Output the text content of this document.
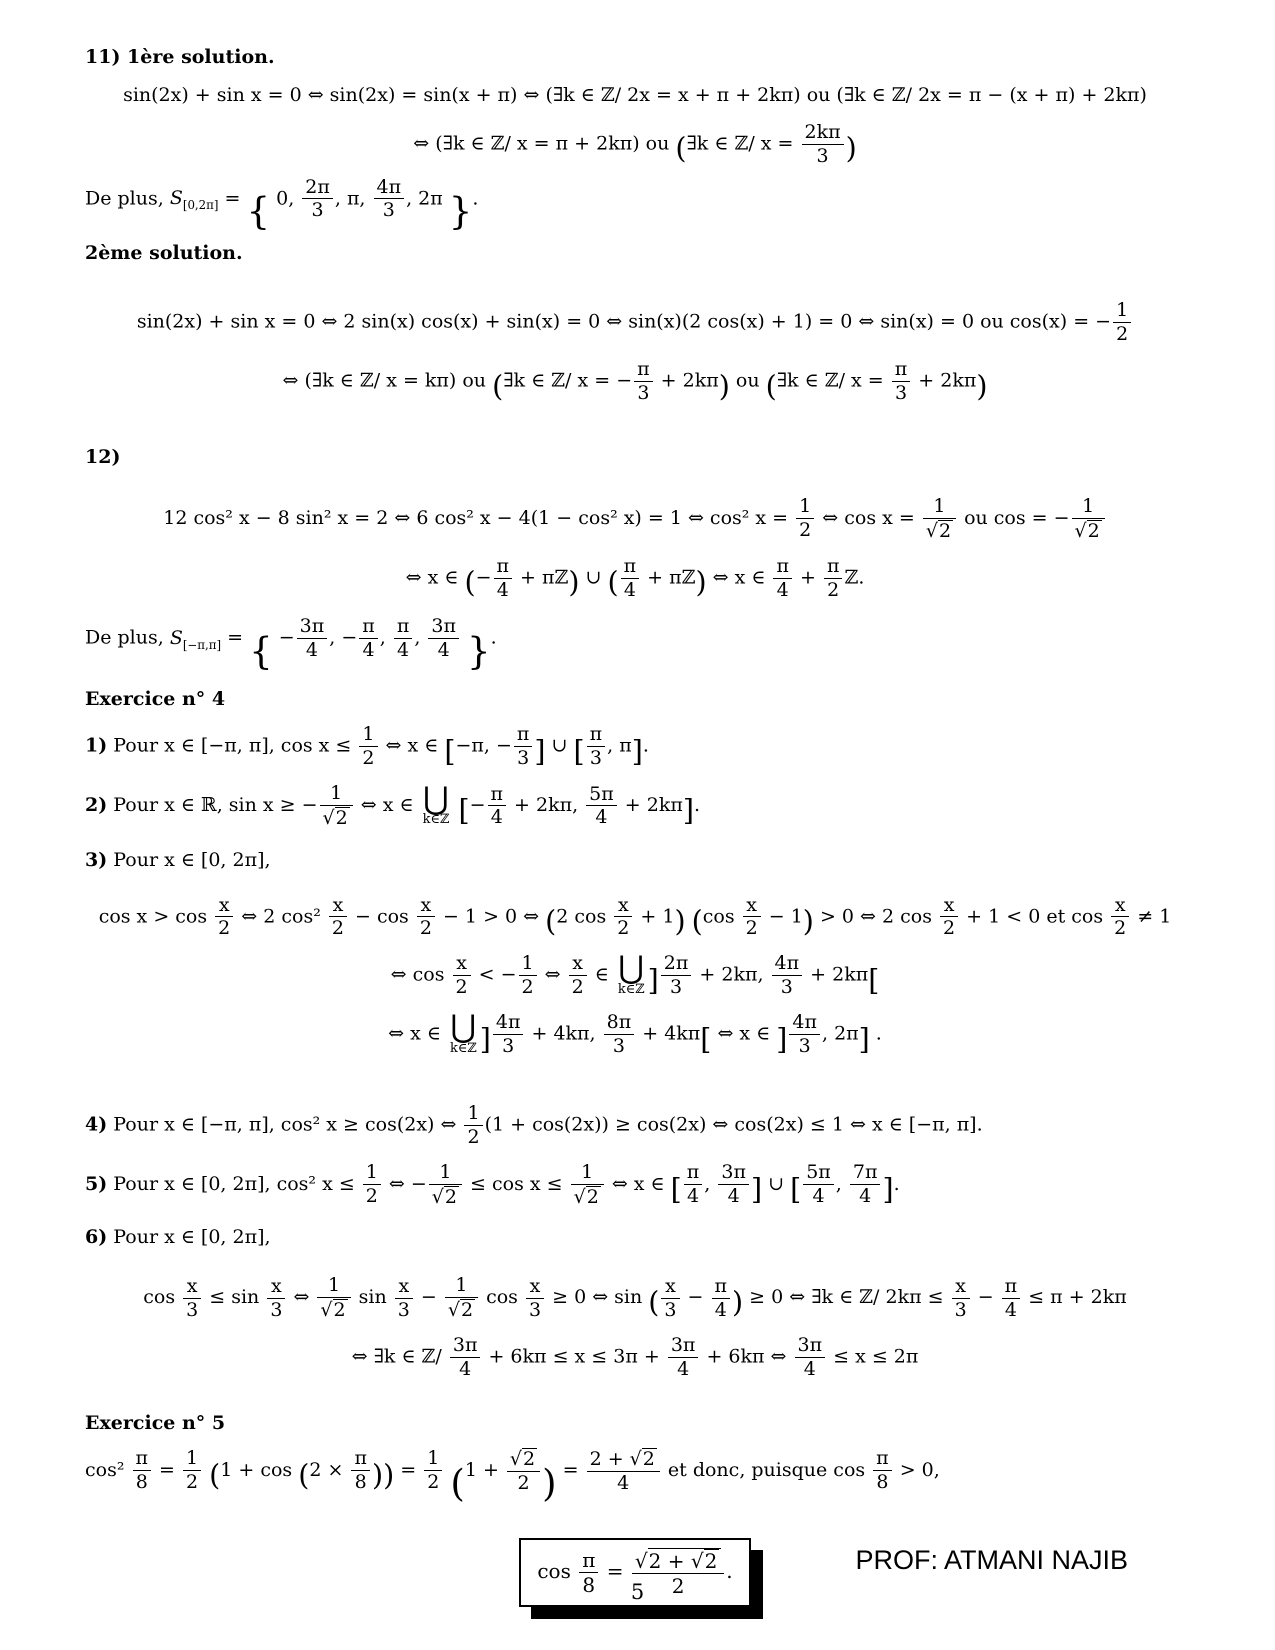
11) 1ère solution.
sin(2x) + sin x = 0 ⇔ sin(2x) = sin(x + π) ⇔ (∃k ∈ ℤ/ 2x = x + π + 2kπ) ou (∃k ∈ ℤ/ 2x = π − (x + π) + 2kπ)
⇔ (∃k ∈ ℤ/ x = π + 2kπ) ou (∃k ∈ ℤ/ $x = \frac{2k\pi}{3}$ )
De plus, $S_{[0,2\pi]}$ = { 0, $\frac{2\pi}{3}$ , π, $\frac{4\pi}{3}$ , 2π }.
2ème solution.
sin(2x) + sin x = 0 ⇔ 2 sin(x) cos(x) + sin(x) = 0 ⇔ sin(x)(2 cos(x) + 1) = 0 ⇔ sin(x) = 0 ou cos(x) = − $\frac{1}{2}$
⇔ (∃k ∈ ℤ/ x = kπ) ou (∃k ∈ ℤ/ x = − $\frac{\pi}{3} + 2k\pi$) ou (∃k ∈ ℤ/ $x = \frac{\pi}{3} + 2k\pi$)
12)
12 cos² x − 8 sin² x = 2 ⇔ 6 cos² x − 4(1 − cos² x) = 1 ⇔ cos² $x = \frac{1}{2}$ ⇔ $\cos x = \frac{1}{√2}$ ou cos = − $\frac{1}{√2}$
⇔ x ∈ (− $\frac{\pi}{4}$ + πℤ) ∪ ( $\frac{\pi}{4}$ + πℤ) ⇔ x ∈ $\frac{\pi}{4} + \frac{\pi}{2}$ ℤ.
De plus, $S_{[-\pi,\pi]}$ = { − $\frac{3\pi}{4}$ , − $\frac{\pi}{4}$ , $\frac{\pi}{4}$ , $\frac{3\pi}{4}$ }.
Exercice n° 4
1) Pour x ∈ [−π, π], $\cos x \le \frac{1}{2}$ ⇔ x ∈ [−π, − $\frac{\pi}{3}$ ] ∪ [ $\frac{\pi}{3}$ , π].
2) Pour x ∈ ℝ, sin x ≥ − $\frac{1}{√2}$ ⇔ x ∈ ⋃
k∈ℤ [− $\frac{\pi}{4} + 2k\pi$, $\frac{5\pi}{4} + 2k\pi$].
3) Pour x ∈ [0, 2π],
$\cos x > \cos \frac{x}{2}$ ⇔ 2 $\cos^2 \frac{x}{2} - \cos \frac{x}{2} - 1 > 0$ ⇔ (2 $\cos \frac{x}{2} + 1$) $(\cos \frac{x}{2} - 1) > 0$ ⇔ 2 $\cos \frac{x}{2} + 1 < 0$ et $\cos \frac{x}{2} \ne 1$
⇔ $\cos \frac{x}{2}$ < − $\frac{1}{2}$ ⇔ $\frac{x}{2}$ ∈ ⋃
k∈ℤ ] $\frac{2\pi}{3} + 2k\pi$, $\frac{4\pi}{3} + 2k\pi$[
⇔ x ∈ ⋃
k∈ℤ ] $\frac{4\pi}{3} + 4k\pi$, $\frac{8\pi}{3} + 4k\pi$[ ⇔ x ∈ ] $\frac{4\pi}{3}$ , 2π] .
4) Pour x ∈ [−π, π], cos² x ≥ cos(2x) ⇔ $\frac{1}{2} (1 + \cos(2x)) \ge \cos(2x)$ ⇔ cos(2x) ≤ 1 ⇔ x ∈ [−π, π].
5) Pour x ∈ [0, 2π], cos² $x \le \frac{1}{2}$ ⇔ − $\frac{1}{√2} \le \cos x \le \frac{1}{√2}$ ⇔ x ∈ [ $\frac{\pi}{4}$ , $\frac{3\pi}{4}$ ] ∪ [ $\frac{5\pi}{4}$ , $\frac{7\pi}{4}$ ].
6) Pour x ∈ [0, 2π],
$\cos \frac{x}{3} \le \sin \frac{x}{3}$ ⇔ $\frac{1}{√2}$ $\sin \frac{x}{3} - \frac{1}{√2}$ $\cos \frac{x}{3} \ge 0$ ⇔ sin ( $\frac{x}{3} - \frac{\pi}{4}$ ) ≥ 0 ⇔ ∃k ∈ ℤ/ $2k\pi \le \frac{x}{3} - \frac{\pi}{4} \le \pi + 2k\pi$
⇔ ∃k ∈ ℤ/ $\frac{3\pi}{4} + 6k\pi \le x \le 3\pi + \frac{3\pi}{4} + 6k\pi$ ⇔ $\frac{3\pi}{4} \le x \le 2\pi$
Exercice n° 5
$\cos^2 \frac{\pi}{8} = \frac{1}{2} (1 + \cos (2 \times \frac{\pi}{8}$ )) = $\frac{1}{2} (1 + \frac{√2}{2}$ ) = $\frac{2 + √2}{4}$ et donc, puisque $\cos \frac{\pi}{8} > 0$,
$\cos \frac{\pi}{8} = \frac{√2 + √2}{2}$ .	PROF: ATMANI NAJIB
5
